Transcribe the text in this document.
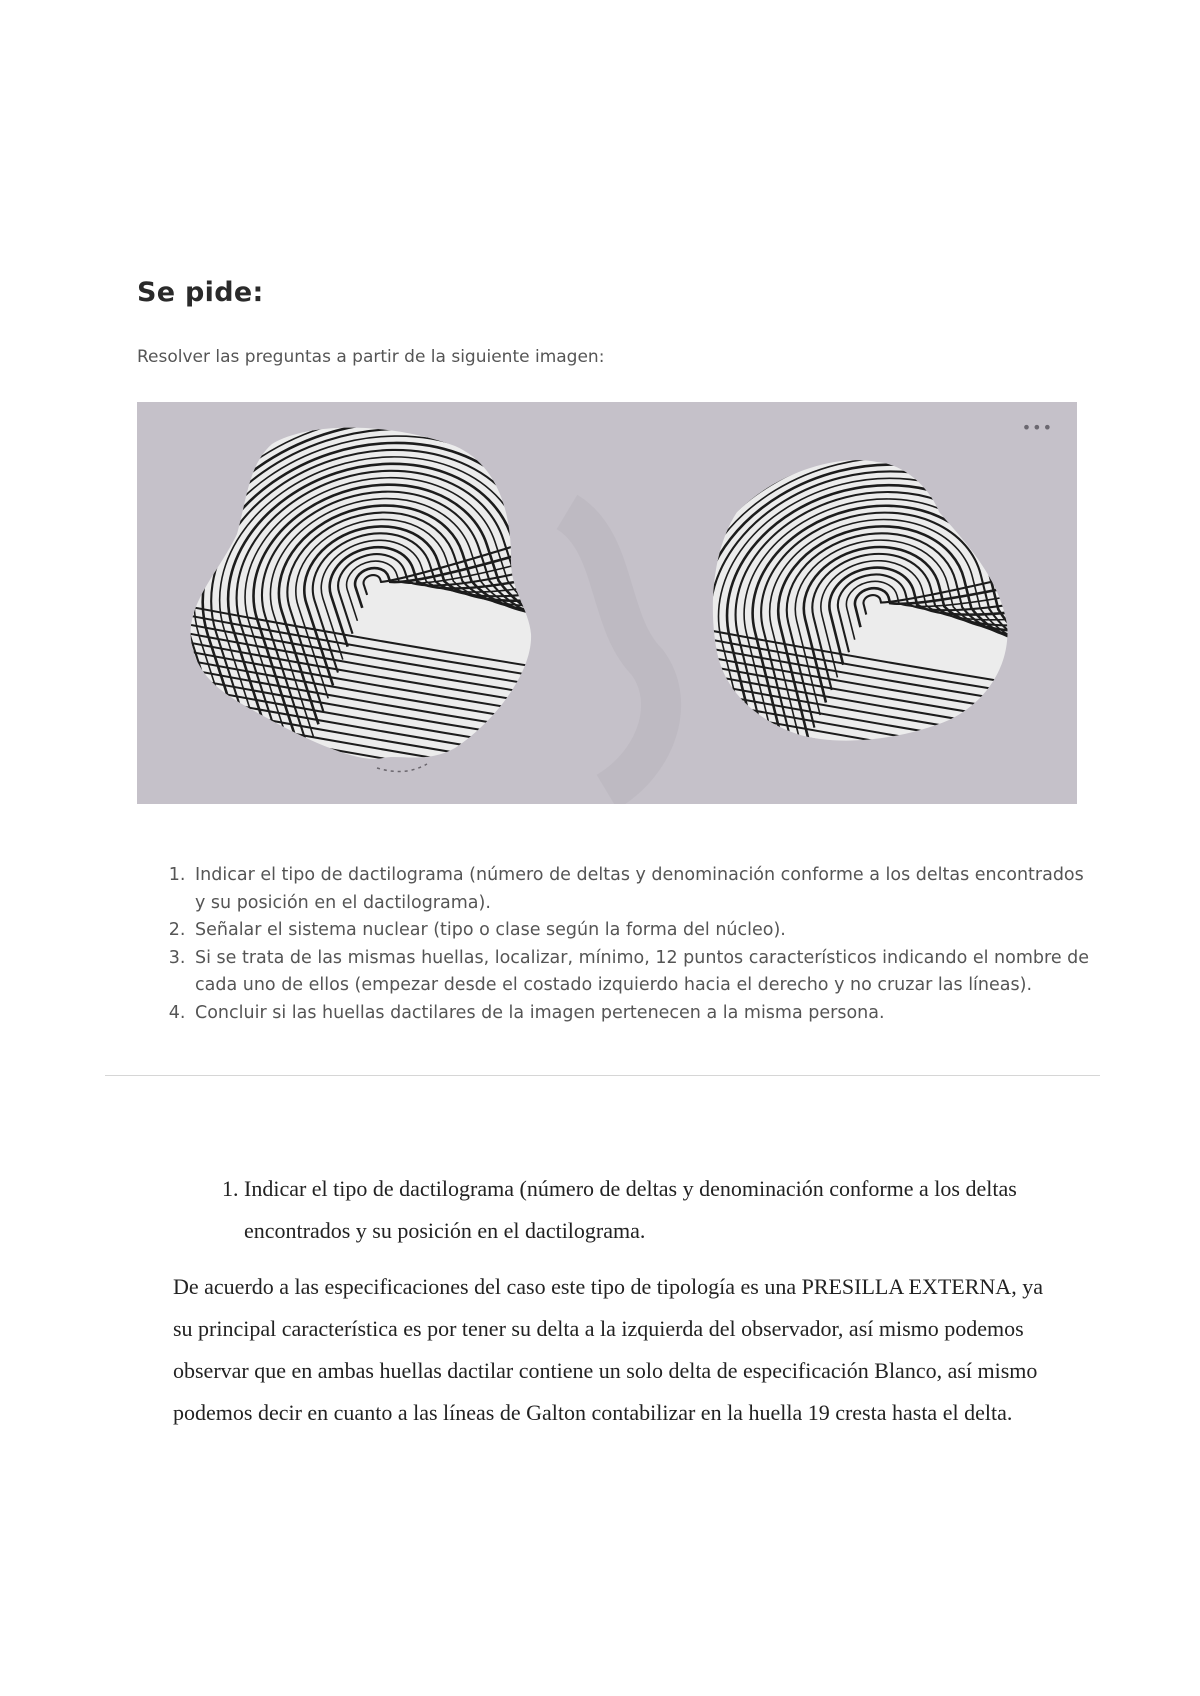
Se pide:
Resolver las preguntas a partir de la siguiente imagen:
•••
1. Indicar el tipo de dactilograma (número de deltas y denominación conforme a los deltas encontrados y su posición en el dactilograma).
2. Señalar el sistema nuclear (tipo o clase según la forma del núcleo).
3. Si se trata de las mismas huellas, localizar, mínimo, 12 puntos característicos indicando el nombre de cada uno de ellos (empezar desde el costado izquierdo hacia el derecho y no cruzar las líneas).
4. Concluir si las huellas dactilares de la imagen pertenecen a la misma persona.
1. Indicar el tipo de dactilograma (número de deltas y denominación conforme a los deltas encontrados y su posición en el dactilograma.

De acuerdo a las especificaciones del caso este tipo de tipología es una PRESILLA EXTERNA, ya su principal característica es por tener su delta a la izquierda del observador, así mismo podemos observar que en ambas huellas dactilar contiene un solo delta de especificación Blanco, así mismo podemos decir en cuanto a las líneas de Galton contabilizar en la huella 19 cresta hasta el delta.
